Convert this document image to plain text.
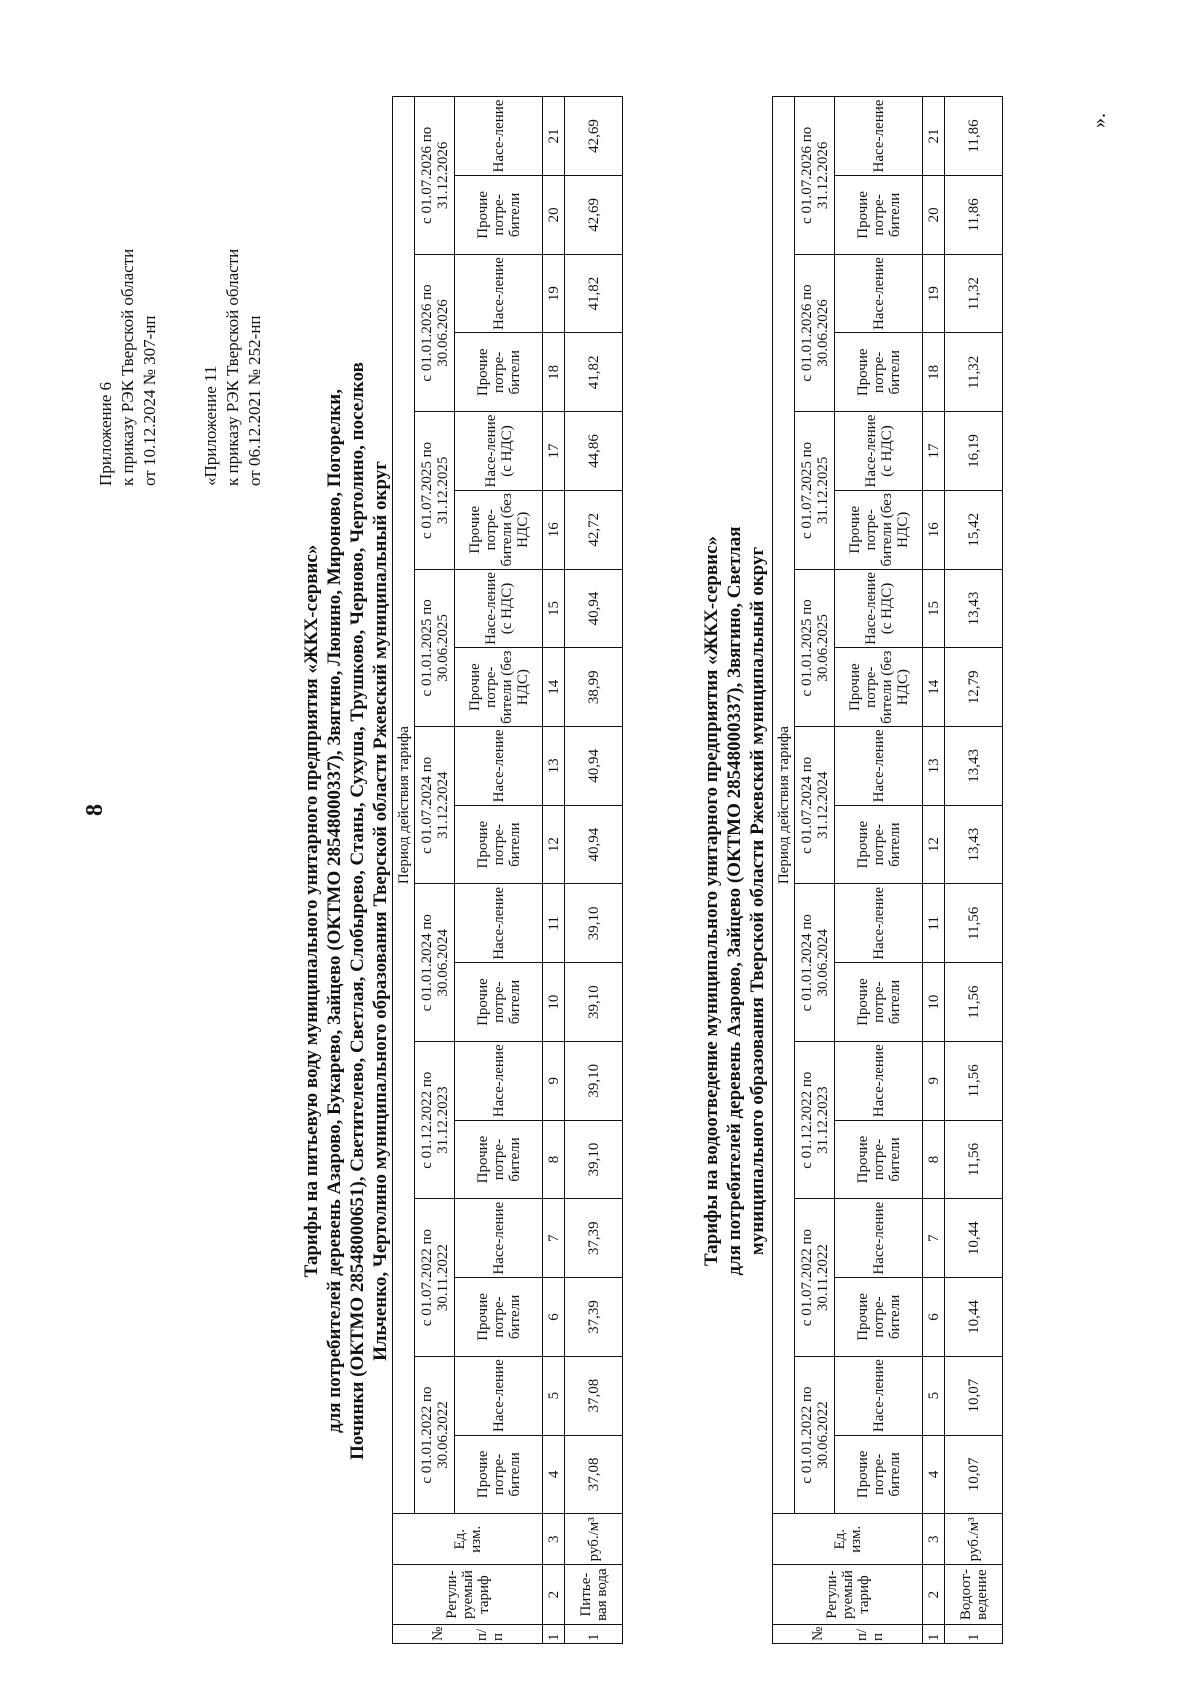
8
Приложение 6 к приказу РЭК Тверской области от 10.12.2024 № 307-нп «Приложение 11 к приказу РЭК Тверской области от 06.12.2021 № 252-нп
Тарифы на питьевую воду муниципального унитарного предприятия «ЖКХ-сервис» для потребителей деревень Азарово, Букарево, Зайцево (ОКТМО 28548000337), Звягино, Люнино, Мироново, Погорелки, Починки (ОКТМО 28548000651), Светителево, Светлая, Слобырево, Станы, Сухуша, Трушково, Черново, Чертолино, поселков Ильченко, Чертолино муниципального образования Тверской области Ржевский муниципальный округ
№ п/п	Регули-руемый тариф	Ед. изм.	Период действия тарифа																	
			с 01.01.2022 по 30.06.2022		с 01.07.2022 по 30.11.2022		с 01.12.2022 по 31.12.2023		с 01.01.2024 по 30.06.2024		с 01.07.2024 по 31.12.2024		с 01.01.2025 по 30.06.2025		с 01.07.2025 по 31.12.2025		с 01.01.2026 по 30.06.2026		с 01.07.2026 по 31.12.2026	
			Прочие потре-бители	Насе-ление	Прочие потре-бители	Насе-ление	Прочие потре-бители	Насе-ление	Прочие потре-бители	Насе-ление	Прочие потре-бители	Насе-ление	Прочие потре-бители (без НДС)	Насе-ление (с НДС)	Прочие потре-бители (без НДС)	Насе-ление (с НДС)	Прочие потре-бители	Насе-ление	Прочие потре-бители	Насе-ление
1	2	3	4	5	6	7	8	9	10	11	12	13	14	15	16	17	18	19	20	21
1	Питье-вая вода	руб./м³	37,08	37,08	37,39	37,39	39,10	39,10	39,10	39,10	40,94	40,94	38,99	40,94	42,72	44,86	41,82	41,82	42,69	42,69
Тарифы на водоотведение муниципального унитарного предприятия «ЖКХ-сервис» для потребителей деревень Азарово, Зайцево (ОКТМО 28548000337), Звягино, Светлая муниципального образования Тверской области Ржевский муниципальный округ
№ п/п	Регули-руемый тариф	Ед. изм.	Период действия тарифа																	
			с 01.01.2022 по 30.06.2022		с 01.07.2022 по 30.11.2022		с 01.12.2022 по 31.12.2023		с 01.01.2024 по 30.06.2024		с 01.07.2024 по 31.12.2024		с 01.01.2025 по 30.06.2025		с 01.07.2025 по 31.12.2025		с 01.01.2026 по 30.06.2026		с 01.07.2026 по 31.12.2026	
			Прочие потре-бители	Насе-ление	Прочие потре-бители	Насе-ление	Прочие потре-бители	Насе-ление	Прочие потре-бители	Насе-ление	Прочие потре-бители	Насе-ление	Прочие потре-бители (без НДС)	Насе-ление (с НДС)	Прочие потре-бители (без НДС)	Насе-ление (с НДС)	Прочие потре-бители	Насе-ление	Прочие потре-бители	Насе-ление
1	2	3	4	5	6	7	8	9	10	11	12	13	14	15	16	17	18	19	20	21
1	Водоот-ведение	руб./м³	10,07	10,07	10,44	10,44	11,56	11,56	11,56	11,56	13,43	13,43	12,79	13,43	15,42	16,19	11,32	11,32	11,86	11,86	».
